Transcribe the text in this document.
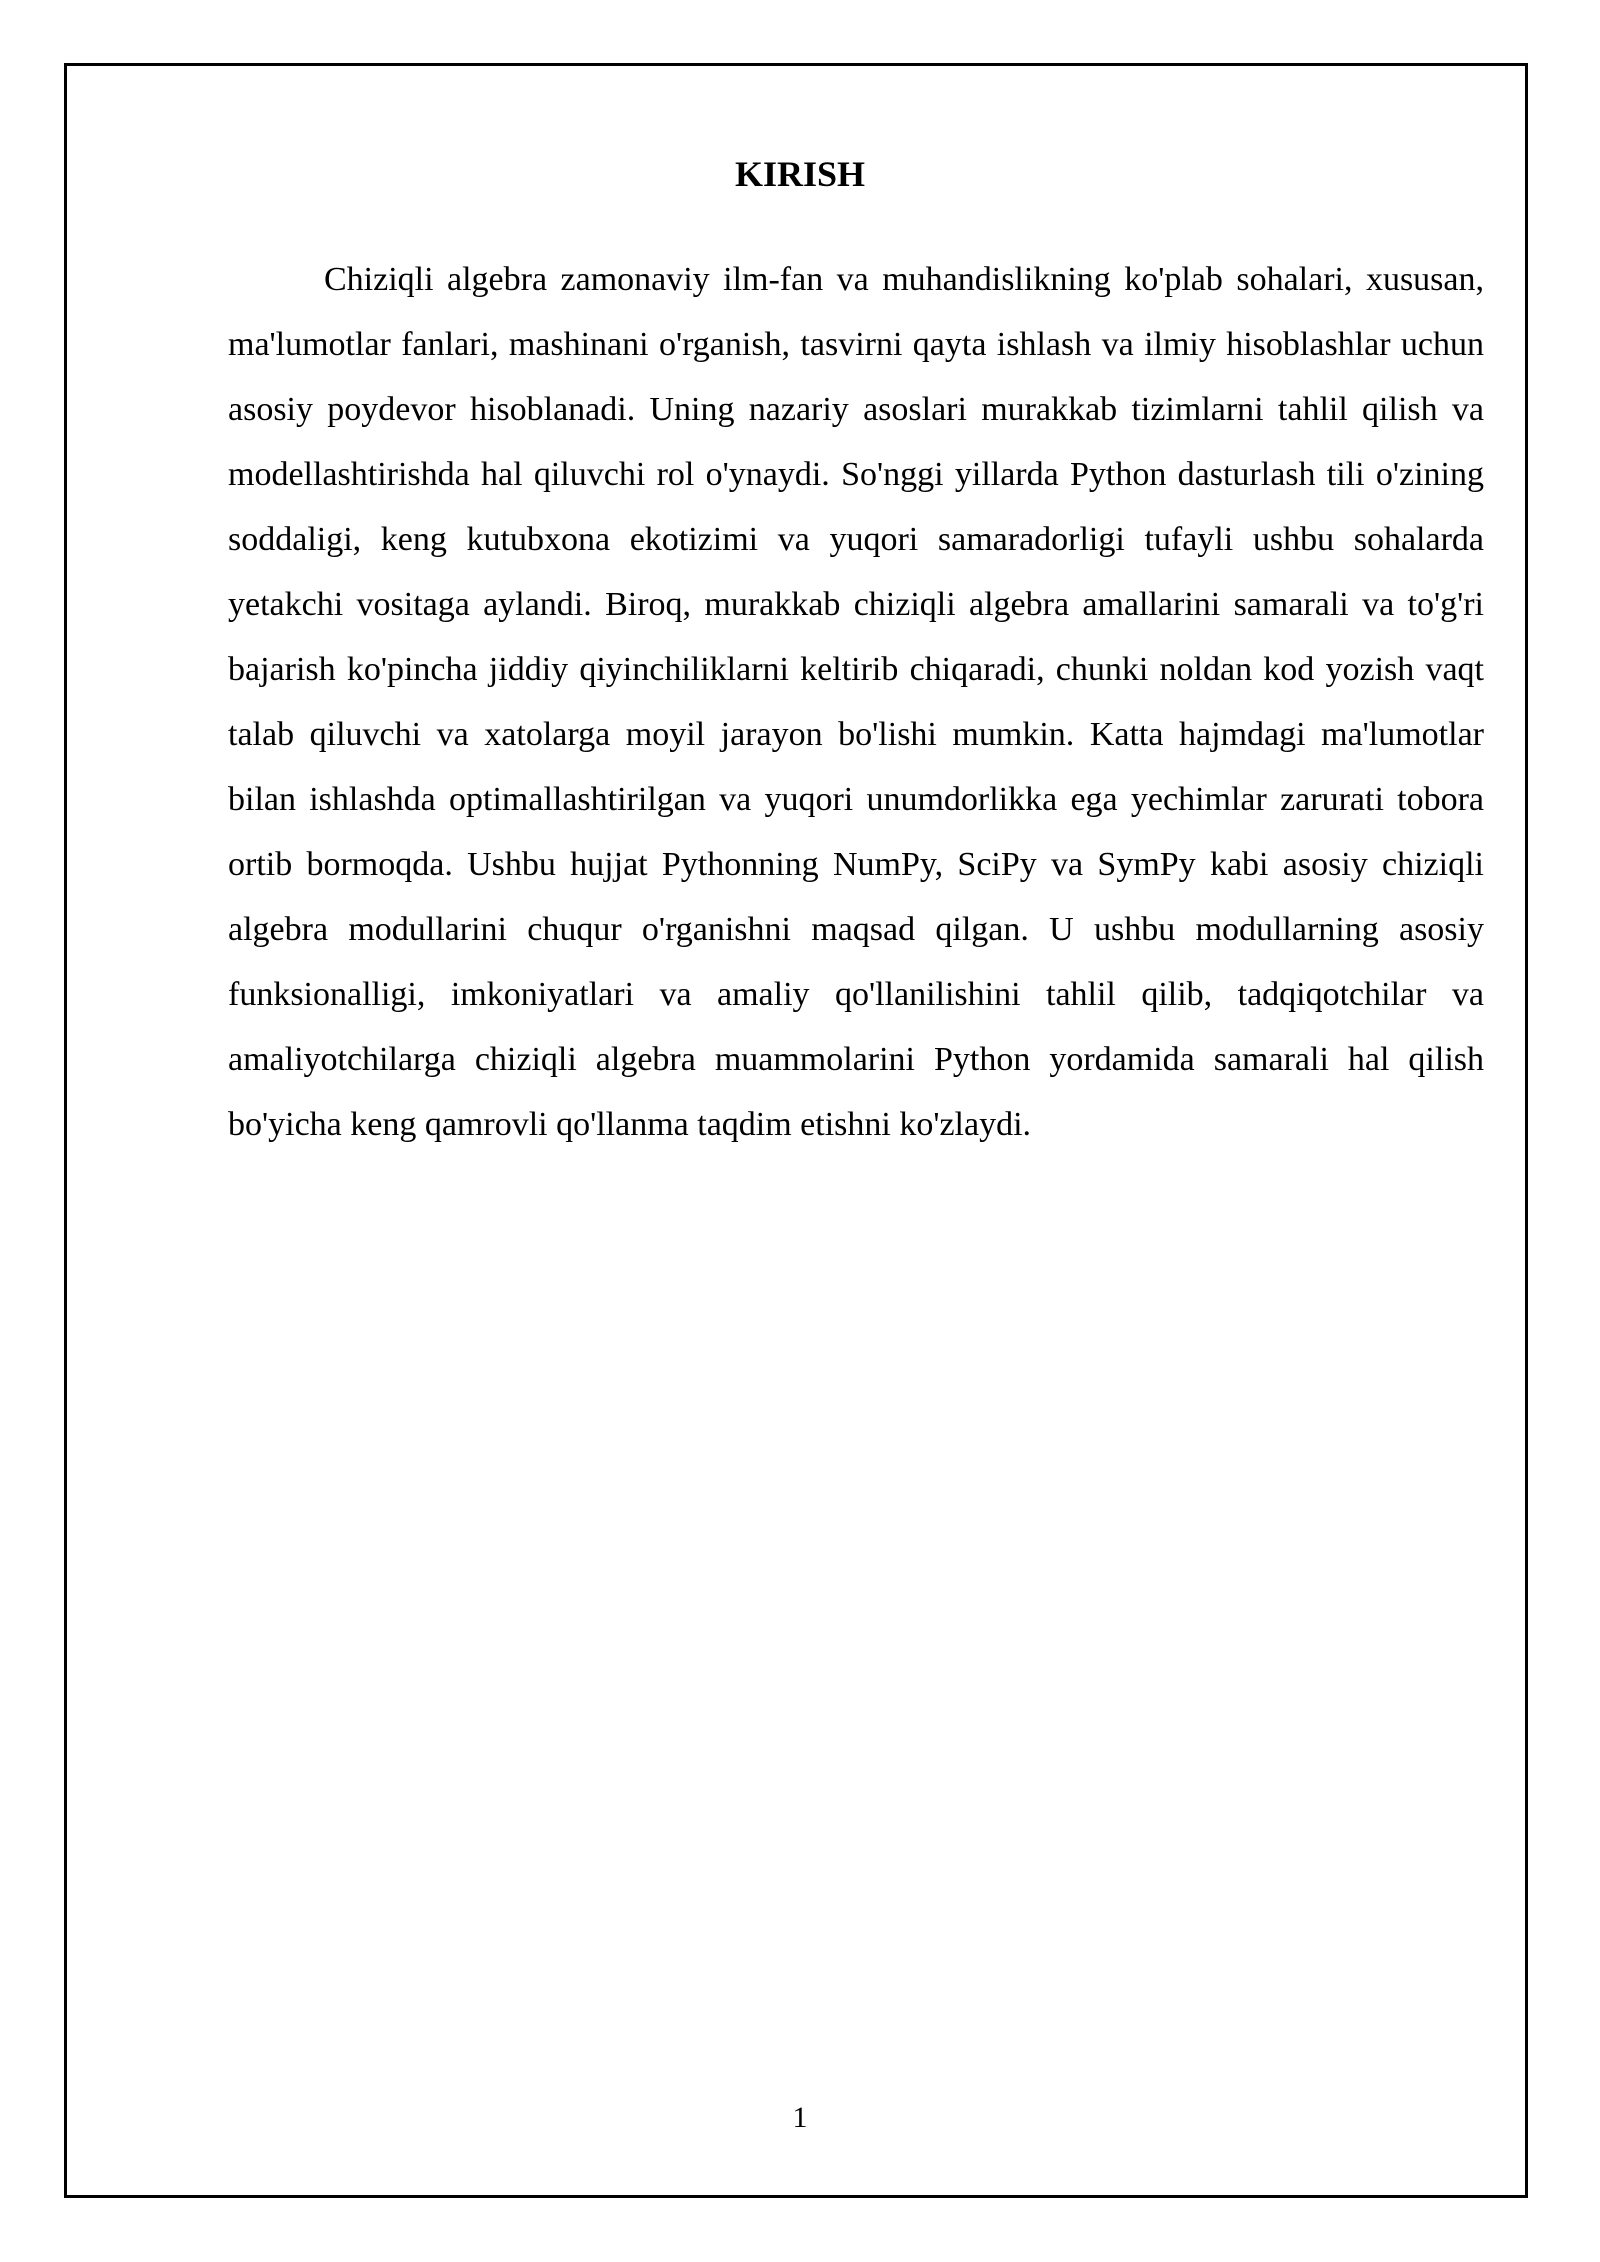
KIRISH

Chiziqli algebra zamonaviy ilm-fan va muhandislikning ko'plab sohalari, xususan, ma'lumotlar fanlari, mashinani o'rganish, tasvirni qayta ishlash va ilmiy hisoblashlar uchun asosiy poydevor hisoblanadi. Uning nazariy asoslari murakkab tizimlarni tahlil qilish va modellashtirishda hal qiluvchi rol o'ynaydi. So'nggi yillarda Python dasturlash tili o'zining soddaligi, keng kutubxona ekotizimi va yuqori samaradorligi tufayli ushbu sohalarda yetakchi vositaga aylandi. Biroq, murakkab chiziqli algebra amallarini samarali va to'g'ri bajarish ko'pincha jiddiy qiyinchiliklarni keltirib chiqaradi, chunki noldan kod yozish vaqt talab qiluvchi va xatolarga moyil jarayon bo'lishi mumkin. Katta hajmdagi ma'lumotlar bilan ishlashda optimallashtirilgan va yuqori unumdorlikka ega yechimlar zarurati tobora ortib bormoqda. Ushbu hujjat Pythonning NumPy, SciPy va SymPy kabi asosiy chiziqli algebra modullarini chuqur o'rganishni maqsad qilgan. U ushbu modullarning asosiy funksionalligi, imkoniyatlari va amaliy qo'llanilishini tahlil qilib, tadqiqotchilar va amaliyotchilarga chiziqli algebra muammolarini Python yordamida samarali hal qilish bo'yicha keng qamrovli qo'llanma taqdim etishni ko'zlaydi.

1
